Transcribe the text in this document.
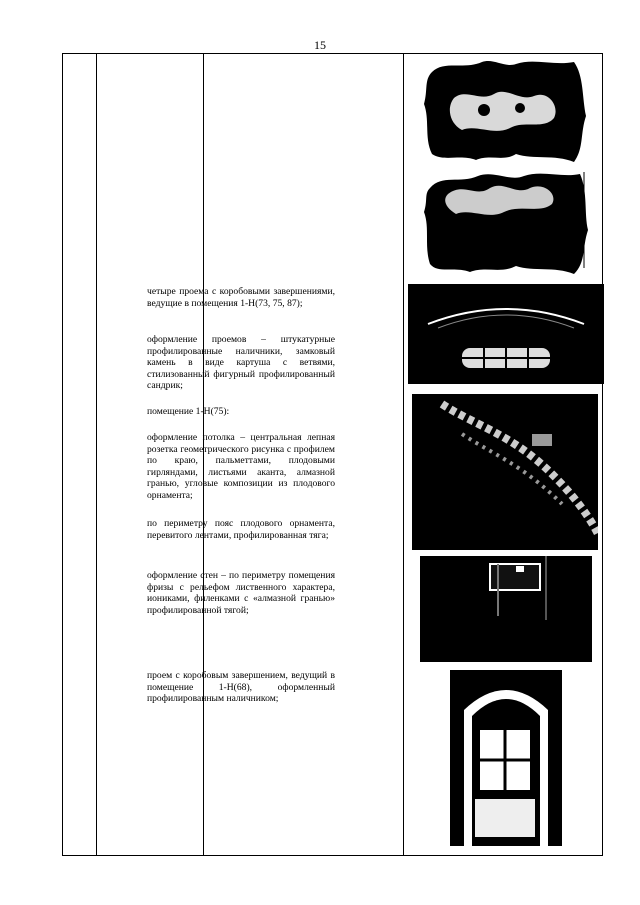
15
четыре проема с коробовыми завершениями, ведущие в помещения 1-Н(73, 75, 87);
оформление проемов – штукатурные профилированные наличники, замковый камень в виде картуша с ветвями, стилизованный фигурный профилированный сандрик;
помещение 1-Н(75):
оформление потолка – центральная лепная розетка геометрического рисунка с профилем по краю, пальметтами, плодовыми гирляндами, листьями аканта, алмазной гранью, угловые композиции из плодового орнамента;
по периметру пояс плодового орнамента, перевитого лентами, профилированная тяга;
оформление стен – по периметру помещения фризы с рельефом лиственного характера, иониками, филенками с «алмазной гранью» профилированной тягой;
проем с коробовым завершением, ведущий в помещение 1-Н(68), оформленный профилированным наличником;
